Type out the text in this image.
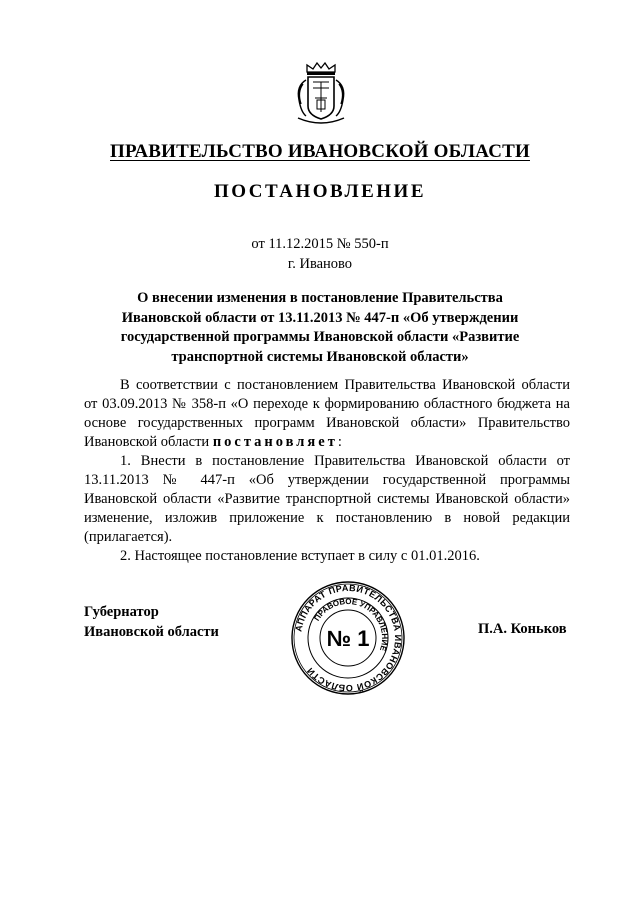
ПРАВИТЕЛЬСТВО ИВАНОВСКОЙ ОБЛАСТИ
ПОСТАНОВЛЕНИЕ
от 11.12.2015 № 550-п
г. Иваново
О внесении изменения в постановление Правительства Ивановской области от 13.11.2013 № 447-п «Об утверждении государственной программы Ивановской области «Развитие транспортной системы Ивановской области»

В соответствии с постановлением Правительства Ивановской области от 03.09.2013 № 358-п «О переходе к формированию областного бюджета на основе государственных программ Ивановской области» Правительство Ивановской области постановляет:

1. Внести в постановление Правительства Ивановской области от 13.11.2013 № 447-п «Об утверждении государственной программы Ивановской области «Развитие транспортной системы Ивановской области» изменение, изложив приложение к постановлению в новой редакции (прилагается).

2. Настоящее постановление вступает в силу с 01.01.2016.

Губернатор
Ивановской области	АППАРАТ ПРАВИТЕЛЬСТВА ИВАНОВСКОЙ ОБЛАСТИ
ПРАВОВОЕ УПРАВЛЕНИЕ
№ 1	П.А. Коньков
